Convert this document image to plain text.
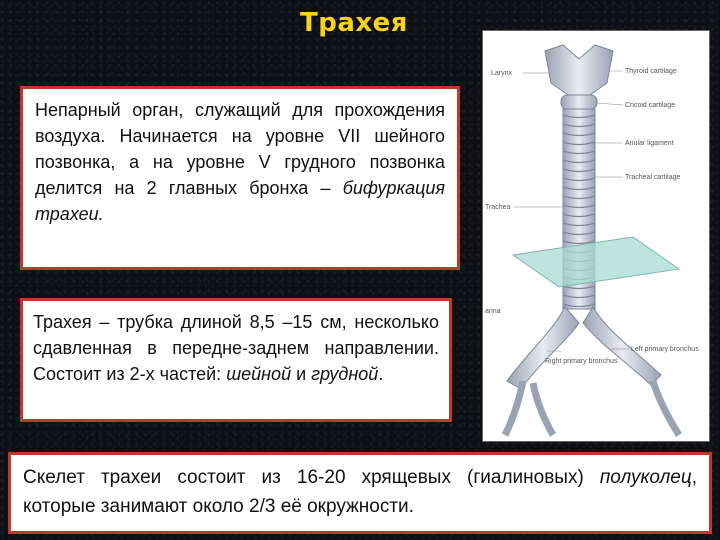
Трахея

Непарный орган, служащий для прохождения воздуха. Начинается на уровне VII шейного позвонка, а на уровне V грудного позвонка делится на 2 главных бронха – бифуркация трахеи.

Трахея – трубка длиной 8,5 –15 см, несколько сдавленная в передне-заднем направлении. Состоит из 2-х частей: шейной и грудной.

Скелет трахеи состоит из 16-20 хрящевых (гиалиновых) полуколец, которые занимают около 2/3 её окружности.

Larynx	Thyroid cartilage
Cricoid cartilage
Anular ligament
Tracheal cartilage
Trachea
arina
Left primary bronchus
Right primary bronchus
